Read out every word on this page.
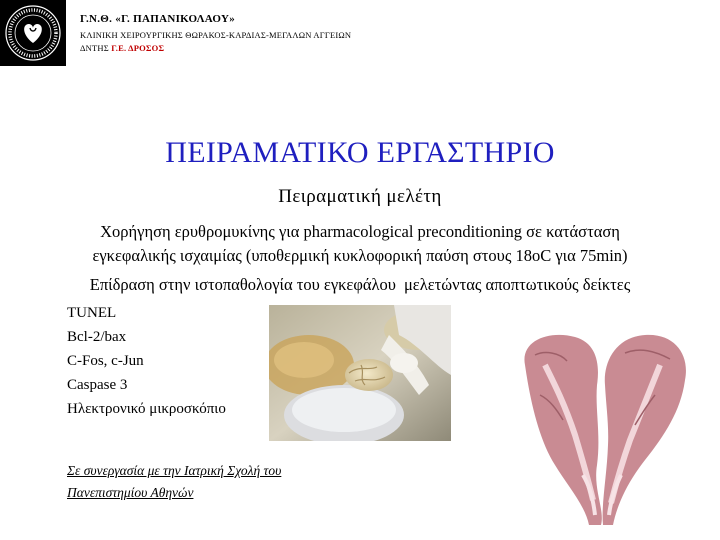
Γ.Ν.Θ. «Γ. ΠΑΠΑΝΙΚΟΛΑΟΥ»
ΚΛΙΝΙΚΗ ΧΕΙΡΟΥΡΓΙΚΗΣ ΘΩΡΑΚΟΣ-ΚΑΡΔΙΑΣ-ΜΕΓΑΛΩΝ ΑΓΓΕΙΩΝ
ΔΝΤΗΣ Γ.Ε. ΔΡΟΣΟΣ
ΠΕΙΡΑΜΑΤΙΚΟ ΕΡΓΑΣΤΗΡΙΟ
Πειραματική μελέτη
Χορήγηση ερυθρομυκίνης για pharmacological preconditioning σε κατάσταση
εγκεφαλικής ισχαιμίας (υποθερμική κυκλοφορική παύση στους 18οC για 75min)
Επίδραση στην ιστοπαθολογία του εγκεφάλου μελετώντας αποπτωτικούς δείκτες
TUNEL
Bcl-2/bax
C-Fos, c-Jun
Caspase 3
Ηλεκτρονικό μικροσκόπιο
Σε συνεργασία με την Ιατρική Σχολή του
Πανεπιστημίου Αθηνών
